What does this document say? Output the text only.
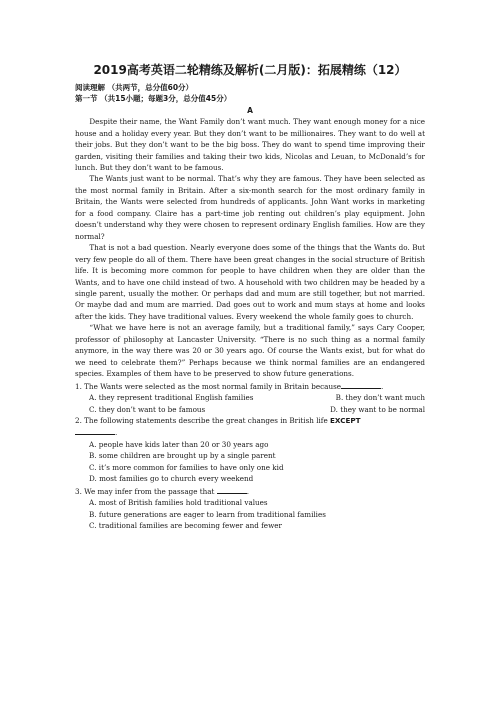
2019高考英语二轮精练及解析(二月版)：拓展精练（12）

阅读理解 （共两节，总分值60分）

第一节 （共15小题；每题3分，总分值45分）

A

Despite their name, the Want Family don’t want much. They want enough money for a nice house and a holiday every year. But they don’t want to be millionaires. They want to do well at their jobs. But they don’t want to be the big boss. They do want to spend time improving their garden, visiting their families and taking their two kids, Nicolas and Leuan, to McDonald’s for lunch. But they don’t want to be famous.

The Wants just want to be normal. That’s why they are famous. They have been selected as the most normal family in Britain. After a six-month search for the most ordinary family in Britain, the Wants were selected from hundreds of applicants. John Want works in marketing for a food company. Claire has a part-time job renting out children’s play equipment. John doesn’t understand why they were chosen to represent ordinary English families. How are they normal?

That is not a bad question. Nearly everyone does some of the things that the Wants do. But very few people do all of them. There have been great changes in the social structure of British life. It is becoming more common for people to have children when they are older than the Wants, and to have one child instead of two. A household with two children may be headed by a single parent, usually the mother. Or perhaps dad and mum are still together, but not married. Or maybe dad and mum are married. Dad goes out to work and mum stays at home and looks after the kids. They have traditional values. Every weekend the whole family goes to church.

“What we have here is not an average family, but a traditional family,” says Cary Cooper, professor of philosophy at Lancaster University. “There is no such thing as a normal family anymore, in the way there was 20 or 30 years ago. Of course the Wants exist, but for what do we need to celebrate them?” Perhaps because we think normal families are an endangered species. Examples of them have to be preserved to show future generations.

1. The Wants were selected as the most normal family in Britain because	.

A. they represent traditional English families	B. they don’t want much
C. they don’t want to be famous	D. they want to be normal

2. The following statements describe the great changes in British life EXCEPT
.

A. people have kids later than 20 or 30 years ago

B. some children are brought up by a single parent

C. it’s more common for families to have only one kid

D. most families go to church every weekend

3. We may infer from the passage that	.

A. most of British families hold traditional values

B. future generations are eager to learn from traditional families

C. traditional families are becoming fewer and fewer
